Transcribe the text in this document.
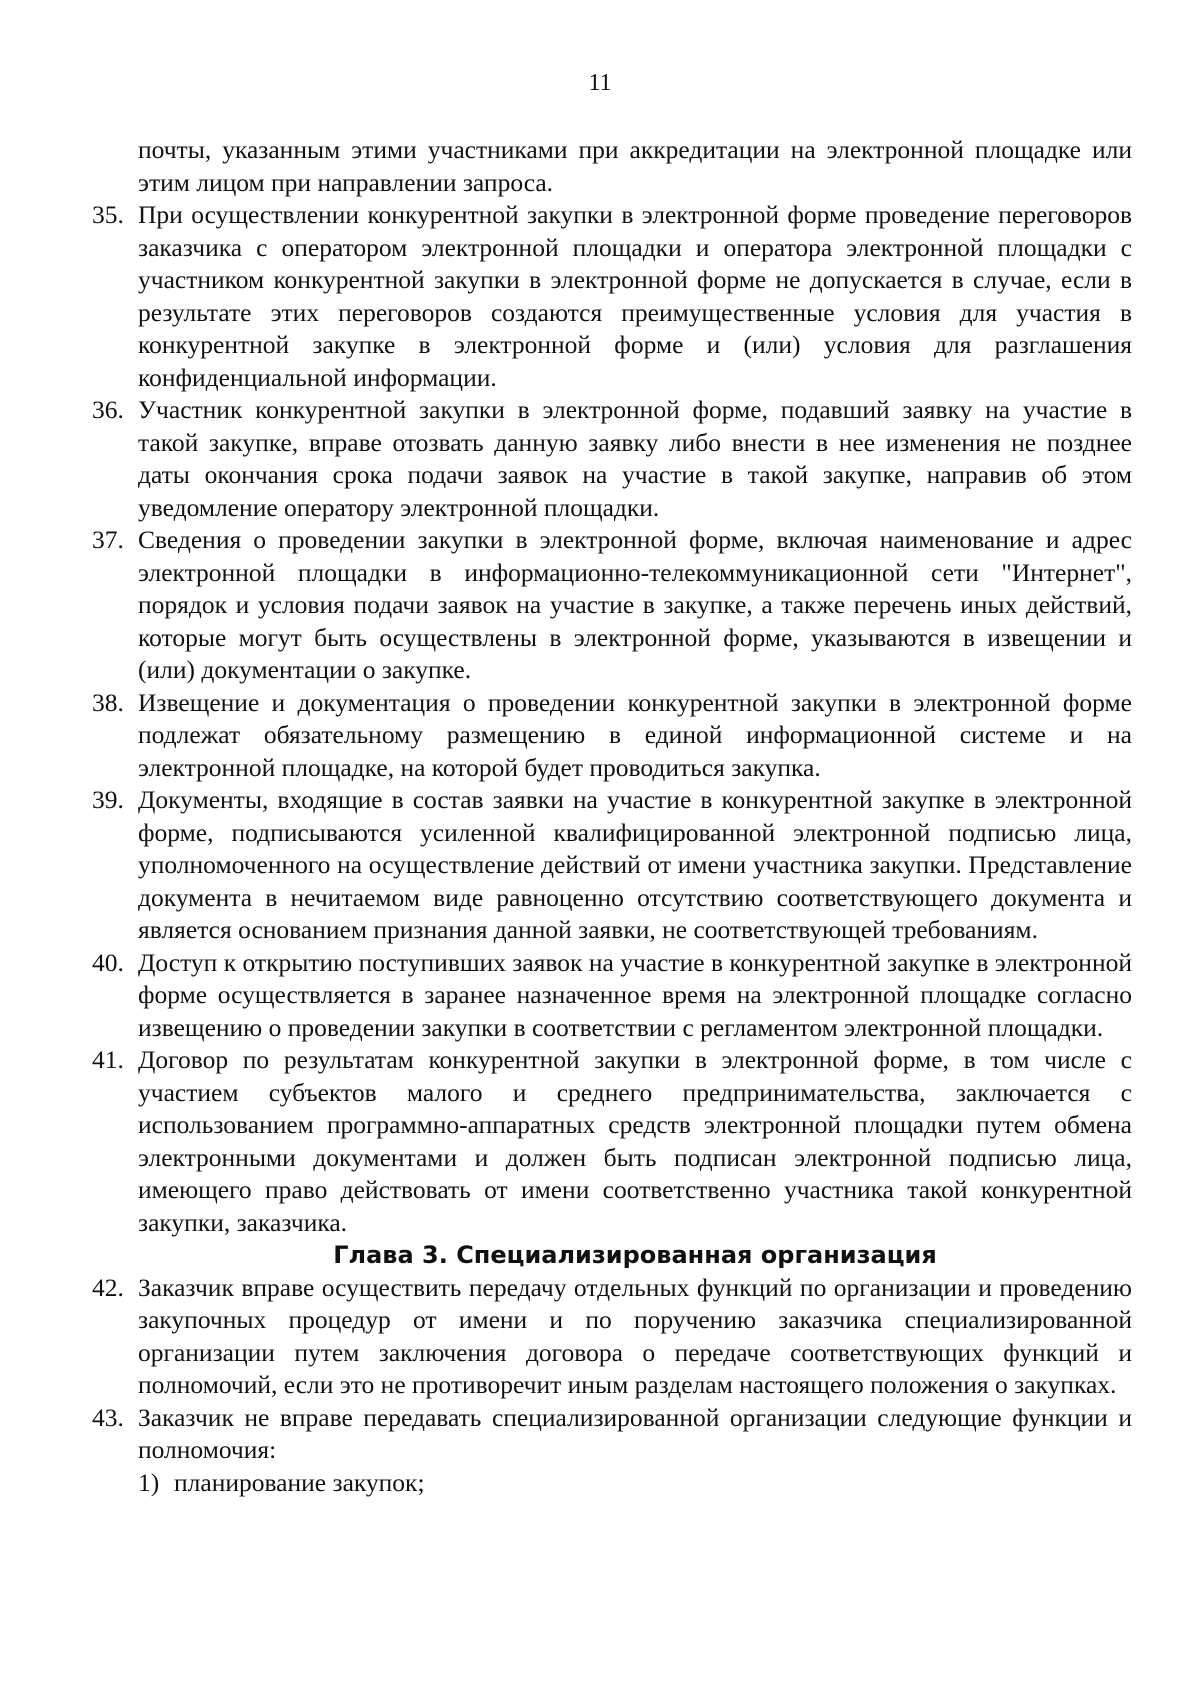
11

почты, указанным этими участниками при аккредитации на электронной площадке или этим лицом при направлении запроса.

35. При осуществлении конкурентной закупки в электронной форме проведение переговоров заказчика с оператором электронной площадки и оператора электронной площадки с участником конкурентной закупки в электронной форме не допускается в случае, если в результате этих переговоров создаются преимущественные условия для участия в конкурентной закупке в электронной форме и (или) условия для разглашения конфиденциальной информации.
36. Участник конкурентной закупки в электронной форме, подавший заявку на участие в такой закупке, вправе отозвать данную заявку либо внести в нее изменения не позднее даты окончания срока подачи заявок на участие в такой закупке, направив об этом уведомление оператору электронной площадки.
37. Сведения о проведении закупки в электронной форме, включая наименование и адрес электронной площадки в информационно-телекоммуникационной сети "Интернет", порядок и условия подачи заявок на участие в закупке, а также перечень иных действий, которые могут быть осуществлены в электронной форме, указываются в извещении и (или) документации о закупке.
38. Извещение и документация о проведении конкурентной закупки в электронной форме подлежат обязательному размещению в единой информационной системе и на электронной площадке, на которой будет проводиться закупка.
39. Документы, входящие в состав заявки на участие в конкурентной закупке в электронной форме, подписываются усиленной квалифицированной электронной подписью лица, уполномоченного на осуществление действий от имени участника закупки. Представление документа в нечитаемом виде равноценно отсутствию соответствующего документа и является основанием признания данной заявки, не соответствующей требованиям.
40. Доступ к открытию поступивших заявок на участие в конкурентной закупке в электронной форме осуществляется в заранее назначенное время на электронной площадке согласно извещению о проведении закупки в соответствии с регламентом электронной площадки.
41. Договор по результатам конкурентной закупки в электронной форме, в том числе с участием субъектов малого и среднего предпринимательства, заключается с использованием программно-аппаратных средств электронной площадки путем обмена электронными документами и должен быть подписан электронной подписью лица, имеющего право действовать от имени соответственно участника такой конкурентной закупки, заказчика.
Глава 3. Специализированная организация
42. Заказчик вправе осуществить передачу отдельных функций по организации и проведению закупочных процедур от имени и по поручению заказчика специализированной организации путем заключения договора о передаче соответствующих функций и полномочий, если это не противоречит иным разделам настоящего положения о закупках.
43. Заказчик не вправе передавать специализированной организации следующие функции и полномочия:
1) планирование закупок;
